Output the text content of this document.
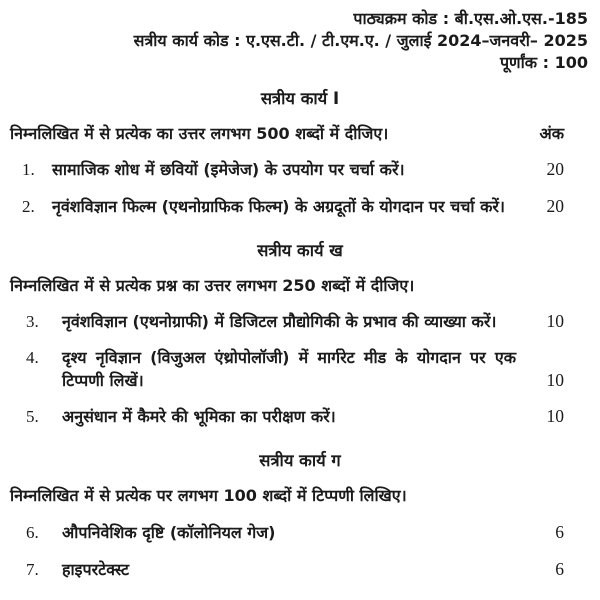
पाठ्यक्रम कोड : बी.एस.ओ.एस.-185
सत्रीय कार्य कोड : ए.एस.टी. / टी.एम.ए. / जुलाई 2024–जनवरी– 2025
पूर्णांक : 100
सत्रीय कार्य I
निम्नलिखित में से प्रत्येक का उत्तर लगभग 500 शब्दों में दीजिए।	अंक
1.	सामाजिक शोध में छवियों (इमेजेज) के उपयोग पर चर्चा करें।	20
2.	नृवंशविज्ञान फिल्म (एथनोग्राफिक फिल्म) के अग्रदूतों के योगदान पर चर्चा करें।	20
सत्रीय कार्य ख
निम्नलिखित में से प्रत्येक प्रश्न का उत्तर लगभग 250 शब्दों में दीजिए।
3.	नृवंशविज्ञान (एथनोग्राफी) में डिजिटल प्रौद्योगिकी के प्रभाव की व्याख्या करें।	10
4.	दृश्य नृविज्ञान (विजुअल एंथ्रोपोलॉजी) में मार्गरेट मीड के योगदान पर एक टिप्पणी लिखें।	10
5.	अनुसंधान में कैमरे की भूमिका का परीक्षण करें।	10
सत्रीय कार्य ग
निम्नलिखित में से प्रत्येक पर लगभग 100 शब्दों में टिप्पणी लिखिए।
6.	औपनिवेशिक दृष्टि (कॉलोनियल गेज)	6
7.	हाइपरटेक्स्ट	6
